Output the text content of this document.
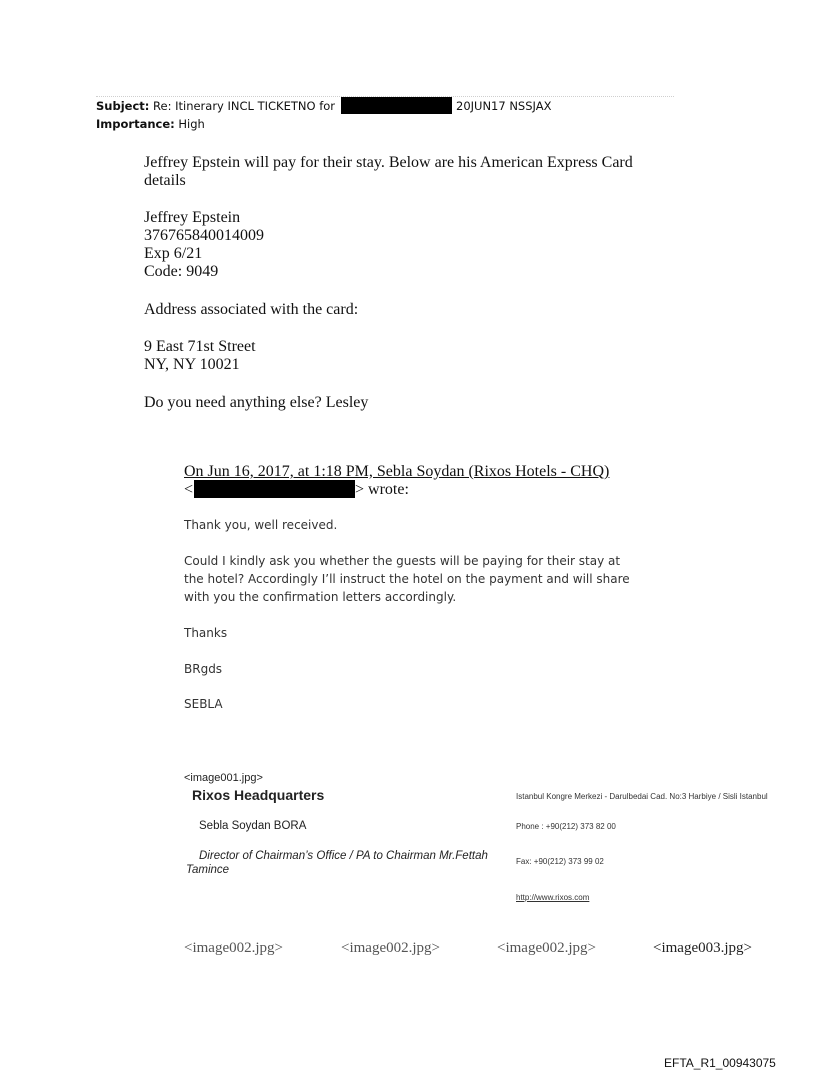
Subject: Re: Itinerary INCL TICKETNO for	20JUN17 NSSJAX
Importance: High
Jeffrey Epstein will pay for their stay. Below are his American Express Card
details
Jeffrey Epstein
376765840014009
Exp 6/21
Code: 9049
Address associated with the card:
9 East 71st Street
NY, NY 10021
Do you need anything else? Lesley
On Jun 16, 2017, at 1:18 PM, Sebla Soydan (Rixos Hotels - CHQ)
<	> wrote:
Thank you, well received.
Could I kindly ask you whether the guests will be paying for their stay at
the hotel? Accordingly I’ll instruct the hotel on the payment and will share
with you the confirmation letters accordingly.
Thanks
BRgds
SEBLA
<image001.jpg>
Rixos Headquarters	Istanbul Kongre Merkezi - Darulbedai Cad. No:3 Harbiye / Sisli Istanbul
Sebla Soydan BORA	Phone : +90(212) 373 82 00
Director of Chairman’s Office / PA to Chairman Mr.Fettah
Tamince
Fax: +90(212) 373 99 02
http://www.rixos.com
<image002.jpg>	<image002.jpg>	<image002.jpg>	<image003.jpg>
EFTA_R1_00943075
